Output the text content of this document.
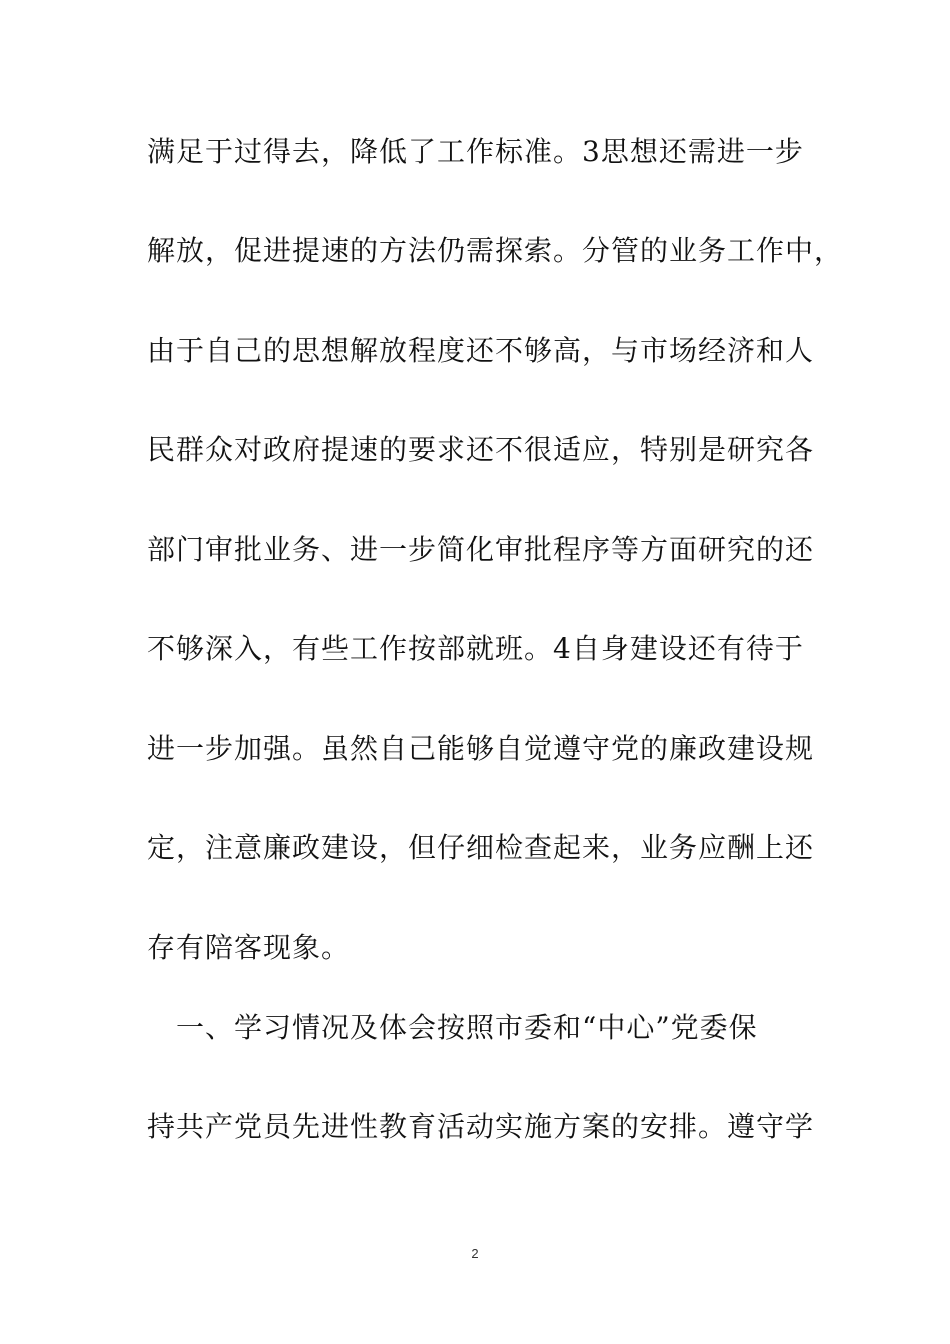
满足于过得去，降低了工作标准。3思想还需进一步
解放，促进提速的方法仍需探索。分管的业务工作中，
由于自己的思想解放程度还不够高，与市场经济和人
民群众对政府提速的要求还不很适应，特别是研究各
部门审批业务、进一步简化审批程序等方面研究的还
不够深入，有些工作按部就班。4自身建设还有待于
进一步加强。虽然自己能够自觉遵守党的廉政建设规
定，注意廉政建设，但仔细检查起来，业务应酬上还
存有陪客现象。
　一、学习情况及体会按照市委和“中心”党委保
持共产党员先进性教育活动实施方案的安排。遵守学
2
